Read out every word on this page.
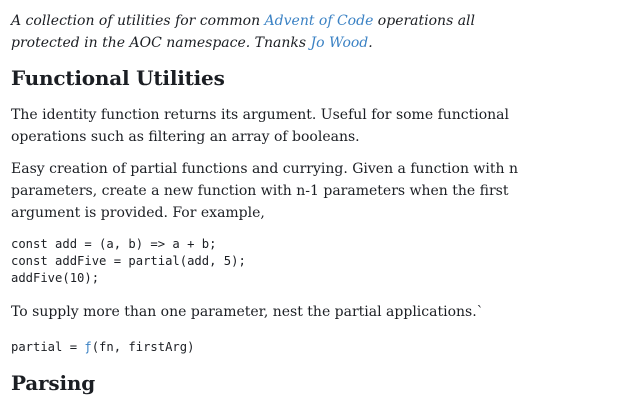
A collection of utilities for common Advent of Code operations all protected in the AOC namespace. Tnanks Jo Wood.

Functional Utilities

The identity function returns its argument. Useful for some functional operations such as filtering an array of booleans.

Easy creation of partial functions and currying. Given a function with n parameters, create a new function with n-1 parameters when the first argument is provided. For example,

const add = (a, b) => a + b;
const addFive = partial(add, 5);
addFive(10);

To supply more than one parameter, nest the partial applications.`

partial = ƒ(fn, firstArg)
Parsing
